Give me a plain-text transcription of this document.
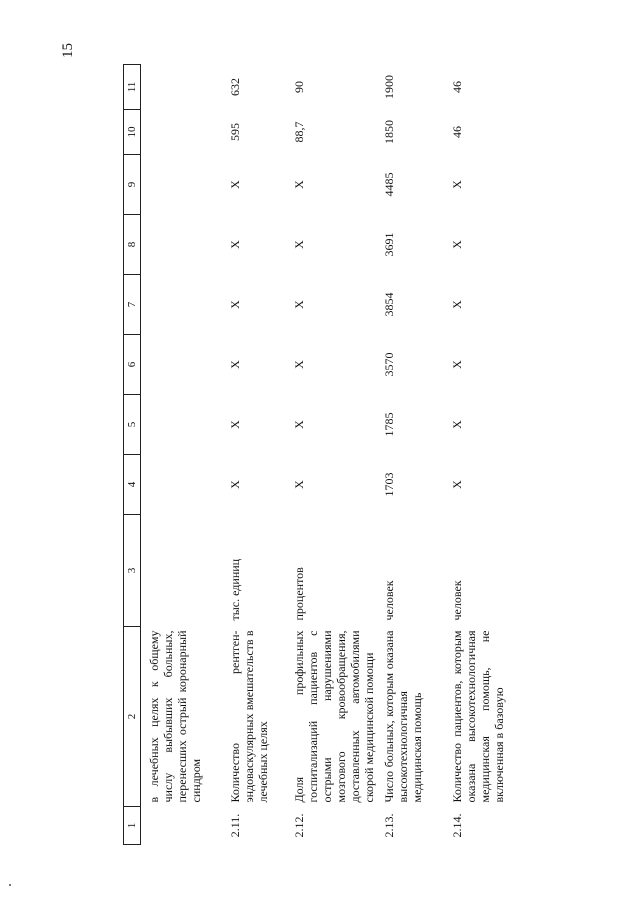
15
1	2	3	4	5	6	7	8	9	10	11
	в лечебных целях к общему числу выбывших больных, перенесших острый коронарный синдром									
2.11.	Количество рентген-эндоваскулярных вмешательств в лечебных целях	тыс. единиц	Х	Х	Х	Х	Х	Х	595	632
2.12.	Доля профильных госпитализаций пациентов с острыми нарушениями мозгового кровообращения, доставленных автомобилями скорой медицинской помощи	процентов	Х	Х	Х	Х	Х	Х	88,7	90
2.13.	Число больных, которым оказана высокотехнологичная медицинская помощь	человек	1703	1785	3570	3854	3691	4485	1850	1900
2.14.	Количество пациентов, которым оказана высокотехнологичная медицинская помощь, не включенная в базовую	человек	Х	Х	Х	Х	Х	Х	46	46
